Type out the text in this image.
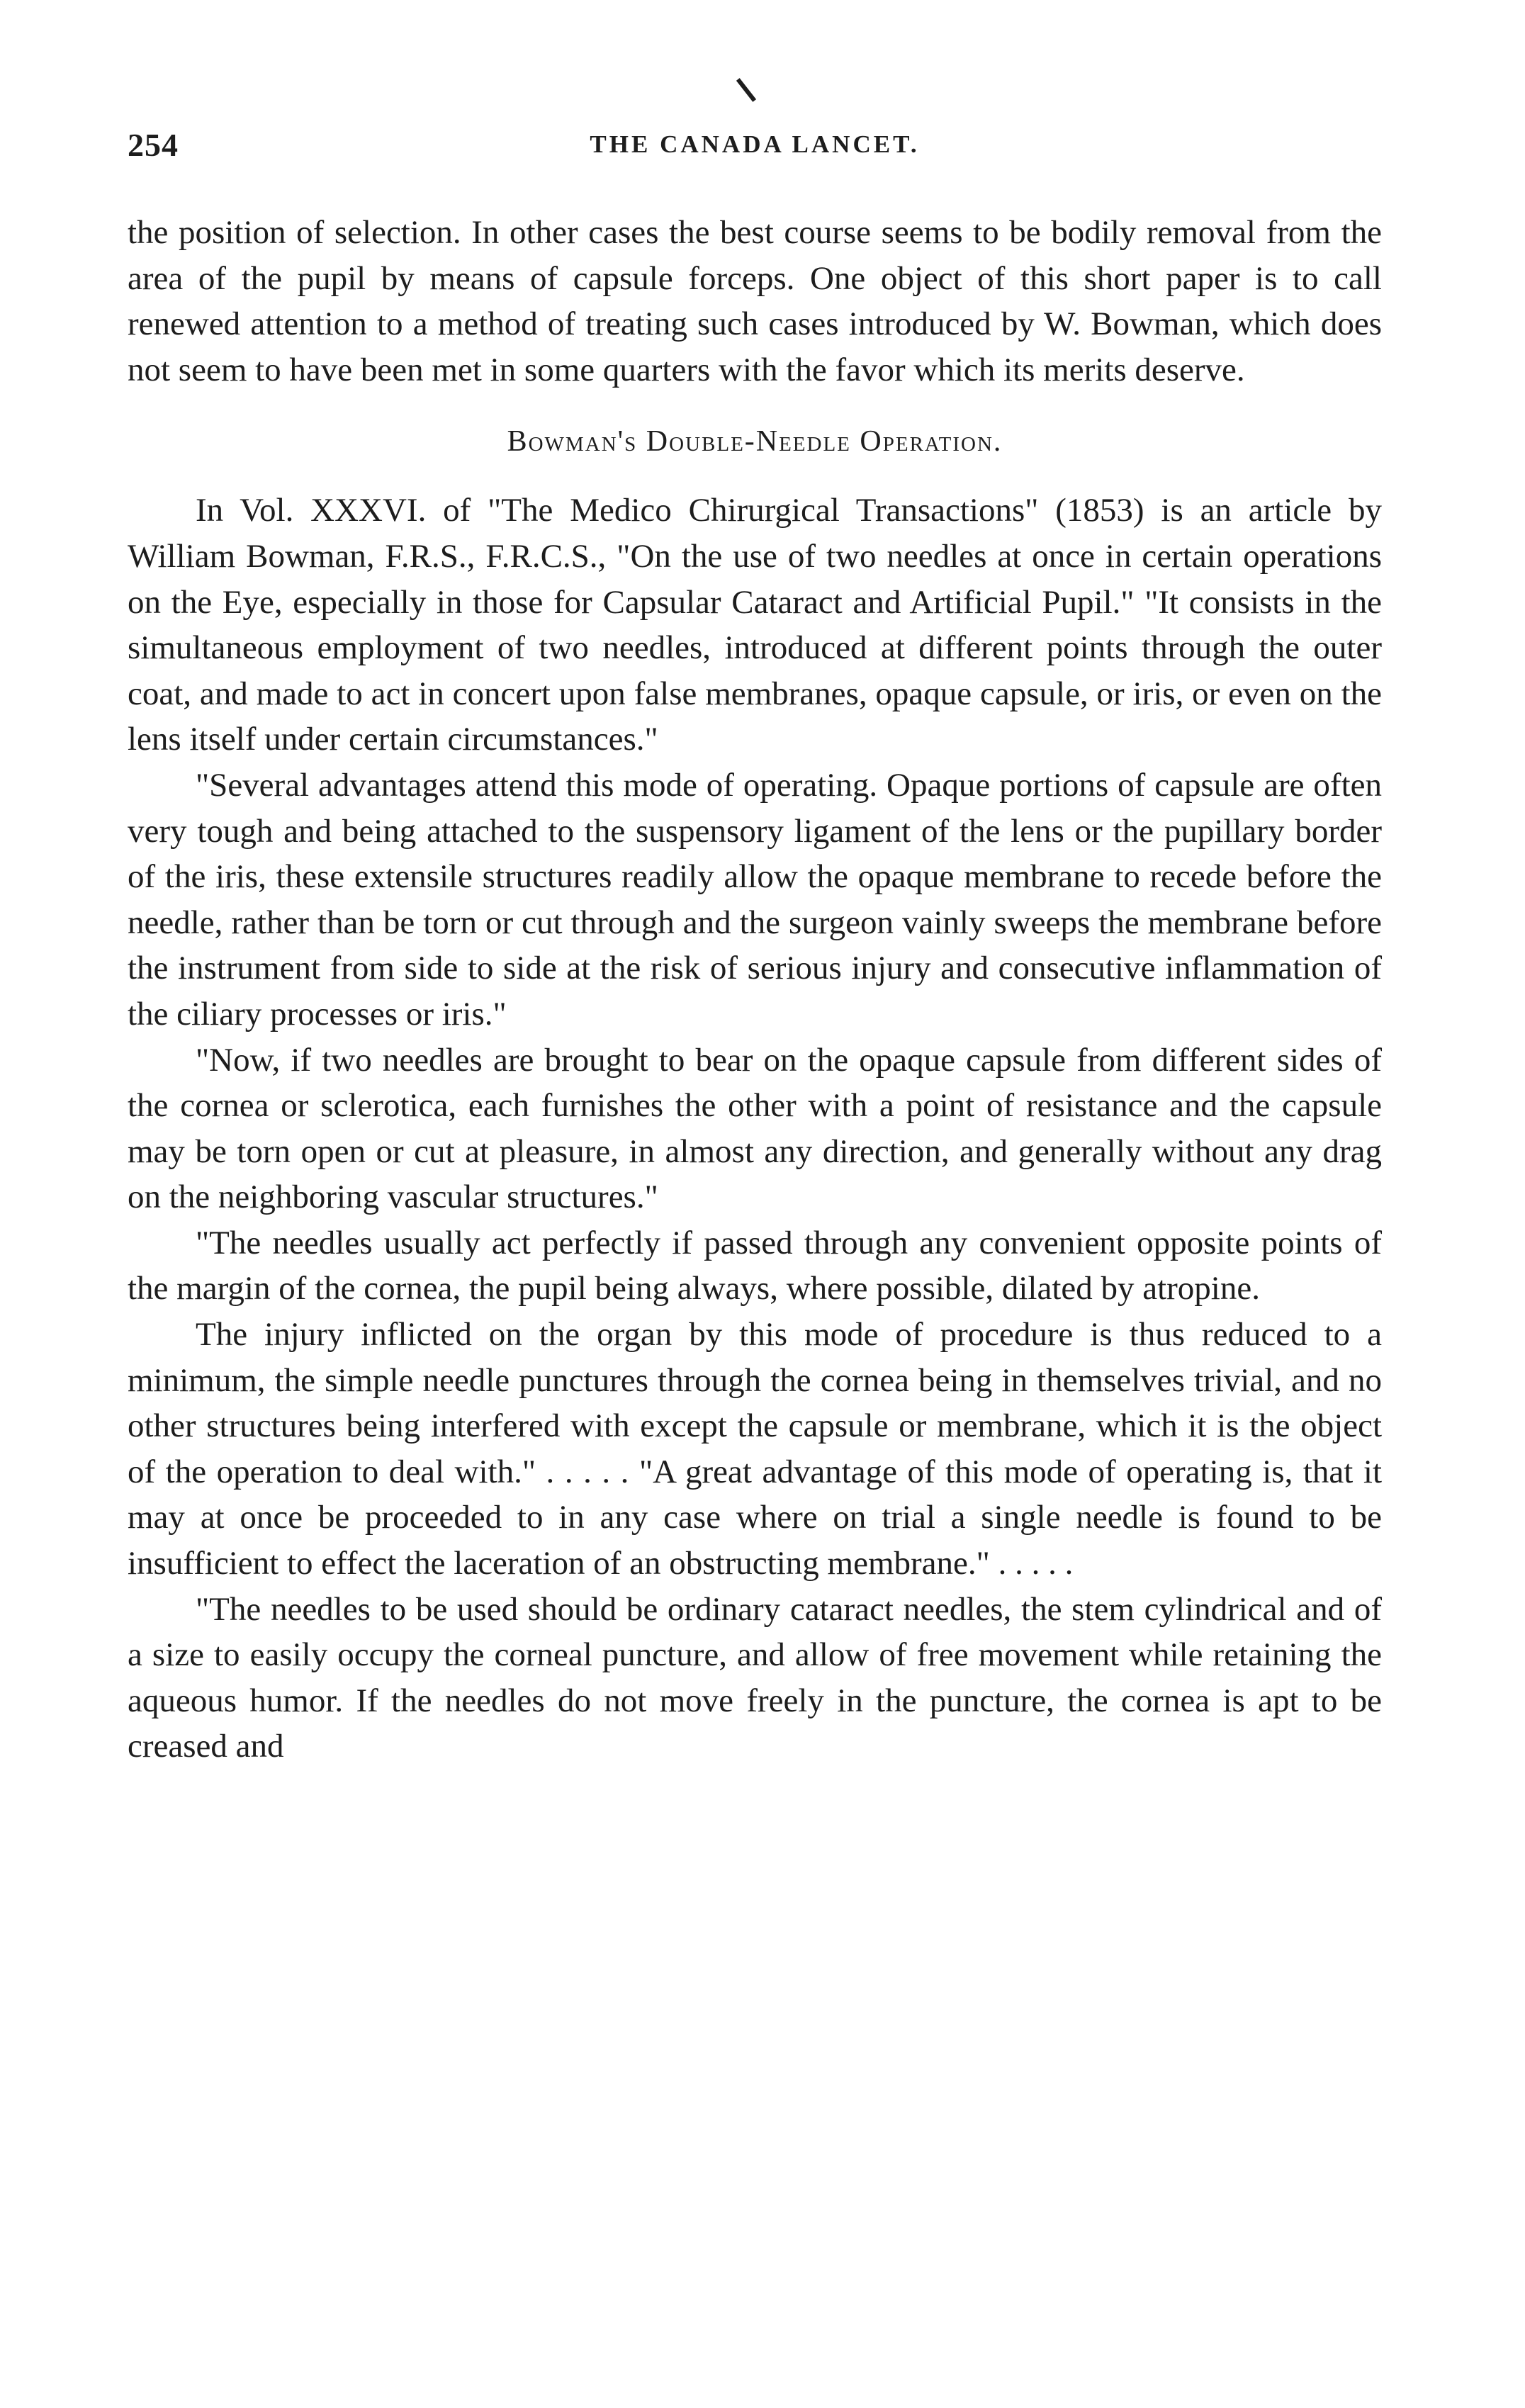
254	THE CANADA LANCET.

the position of selection. In other cases the best course seems to be bodily removal from the area of the pupil by means of capsule forceps. One object of this short paper is to call renewed attention to a method of treating such cases introduced by W. Bowman, which does not seem to have been met in some quarters with the favor which its merits deserve.

Bowman's Double-Needle Operation.

In Vol. XXXVI. of "The Medico Chirurgical Transactions" (1853) is an article by William Bowman, F.R.S., F.R.C.S., "On the use of two needles at once in certain operations on the Eye, especially in those for Capsular Cataract and Artificial Pupil." "It consists in the simultaneous employment of two needles, introduced at different points through the outer coat, and made to act in concert upon false membranes, opaque capsule, or iris, or even on the lens itself under certain circumstances."

"Several advantages attend this mode of operating. Opaque portions of capsule are often very tough and being attached to the suspensory ligament of the lens or the pupillary border of the iris, these extensile structures readily allow the opaque membrane to recede before the needle, rather than be torn or cut through and the surgeon vainly sweeps the membrane before the instrument from side to side at the risk of serious injury and consecutive inflammation of the ciliary processes or iris."

"Now, if two needles are brought to bear on the opaque capsule from different sides of the cornea or sclerotica, each furnishes the other with a point of resistance and the capsule may be torn open or cut at pleasure, in almost any direction, and generally without any drag on the neighboring vascular structures."

"The needles usually act perfectly if passed through any convenient opposite points of the margin of the cornea, the pupil being always, where possible, dilated by atropine.

The injury inflicted on the organ by this mode of procedure is thus reduced to a minimum, the simple needle punctures through the cornea being in themselves trivial, and no other structures being interfered with except the capsule or membrane, which it is the object of the operation to deal with." . . . . . "A great advantage of this mode of operating is, that it may at once be proceeded to in any case where on trial a single needle is found to be insufficient to effect the laceration of an obstructing membrane." . . . . .

"The needles to be used should be ordinary cataract needles, the stem cylindrical and of a size to easily occupy the corneal puncture, and allow of free movement while retaining the aqueous humor. If the needles do not move freely in the puncture, the cornea is apt to be creased and
